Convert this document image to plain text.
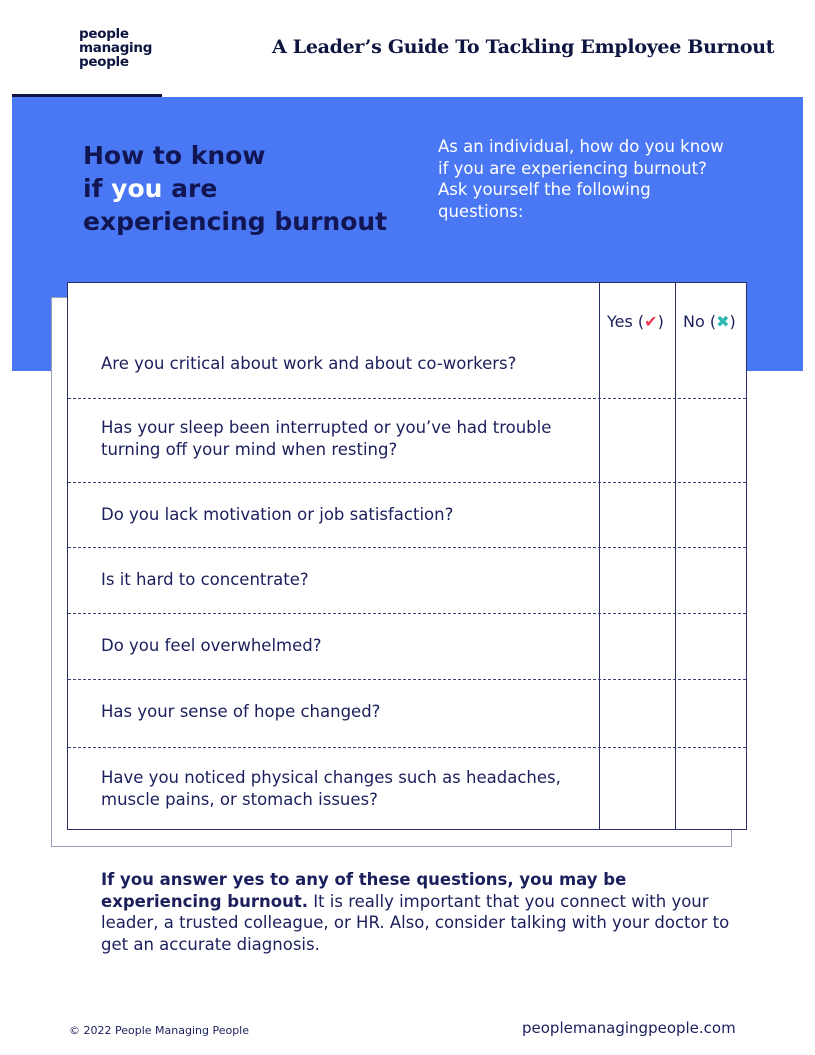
people
managing
people
A Leader’s Guide To Tackling Employee Burnout
How to know
if you are
experiencing burnout
As an individual, how do you know if you are experiencing burnout? Ask yourself the following questions:
Yes (✔) No (✖)
Are you critical about work and about co-workers?
Has your sleep been interrupted or you’ve had trouble turning off your mind when resting?
Do you lack motivation or job satisfaction?
Is it hard to concentrate?
Do you feel overwhelmed?
Has your sense of hope changed?
Have you noticed physical changes such as headaches, muscle pains, or stomach issues?
If you answer yes to any of these questions, you may be experiencing burnout. It is really important that you connect with your leader, a trusted colleague, or HR. Also, consider talking with your doctor to get an accurate diagnosis.
© 2022 People Managing People	peoplemanagingpeople.com
